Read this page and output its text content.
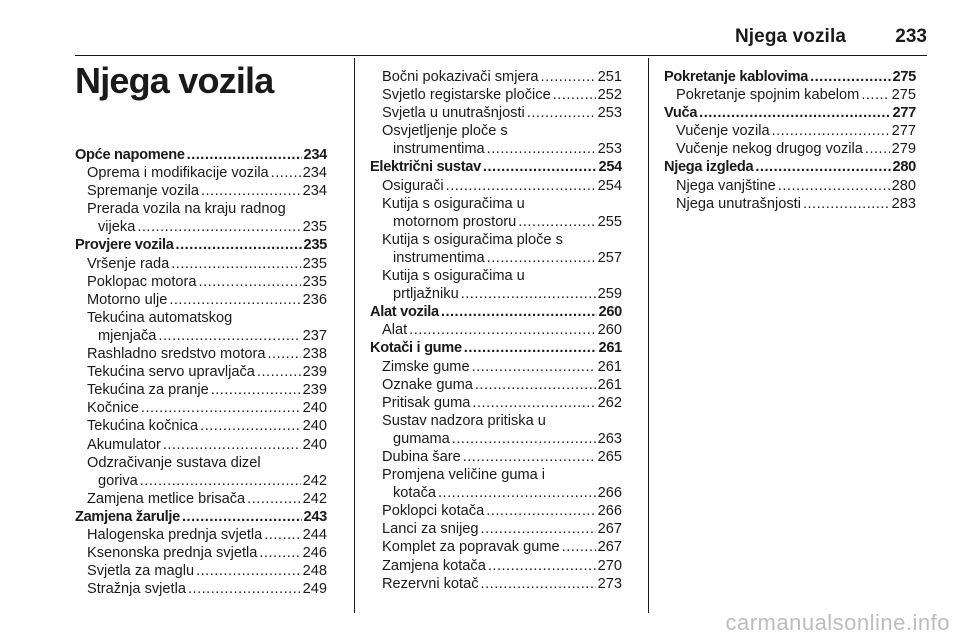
Njega vozila	233
Njega vozila
Opće napomene .....	234
Oprema i modifikacije vozila ..... 234
Spremanje vozila .....	234
Prerada vozila na kraju radnog
vijeka .....	235
Provjere vozila .....	235
Vršenje rada .....	235
Poklopac motora .....	235
Motorno ulje .....	236
Tekućina automatskog
mjenjača .....	237
Rashladno sredstvo motora .....	238
Tekućina servo upravljača .....	239
Tekućina za pranje .....	239
Kočnice .....	240
Tekućina kočnica .....	240
Akumulator .....	240
Odzračivanje sustava dizel
goriva .....	242
Zamjena metlice brisača .....	242
Zamjena žarulje .....	243
Halogenska prednja svjetla .....	244
Ksenonska prednja svjetla .....	246
Svjetla za maglu .....	248
Stražnja svjetla .....	249
Bočni pokazivači smjera .....	251
Svjetlo registarske pločice .....	252
Svjetla u unutrašnjosti .....	253
Osvjetljenje ploče s
instrumentima .....	253
Električni sustav .....	254
Osigurači .....	254
Kutija s osiguračima u
motornom prostoru .....	255
Kutija s osiguračima ploče s
instrumentima .....	257
Kutija s osiguračima u
prtljažniku .....	259
Alat vozila .....	260
Alat .....	260
Kotači i gume .....	261
Zimske gume .....	261
Oznake guma .....	261
Pritisak guma .....	262
Sustav nadzora pritiska u
gumama .....	263
Dubina šare .....	265
Promjena veličine guma i
kotača .....	266
Poklopci kotača .....	266
Lanci za snijeg .....	267
Komplet za popravak gume .....	267
Zamjena kotača .....	270
Rezervni kotač .....	273
Pokretanje kablovima .....	275
Pokretanje spojnim kabelom ..... 275
Vuča .....	277
Vučenje vozila .....	277
Vučenje nekog drugog vozila ..... 279
Njega izgleda .....	280
Njega vanjštine .....	280
Njega unutrašnjosti .....	283
carmanualsonline.info
